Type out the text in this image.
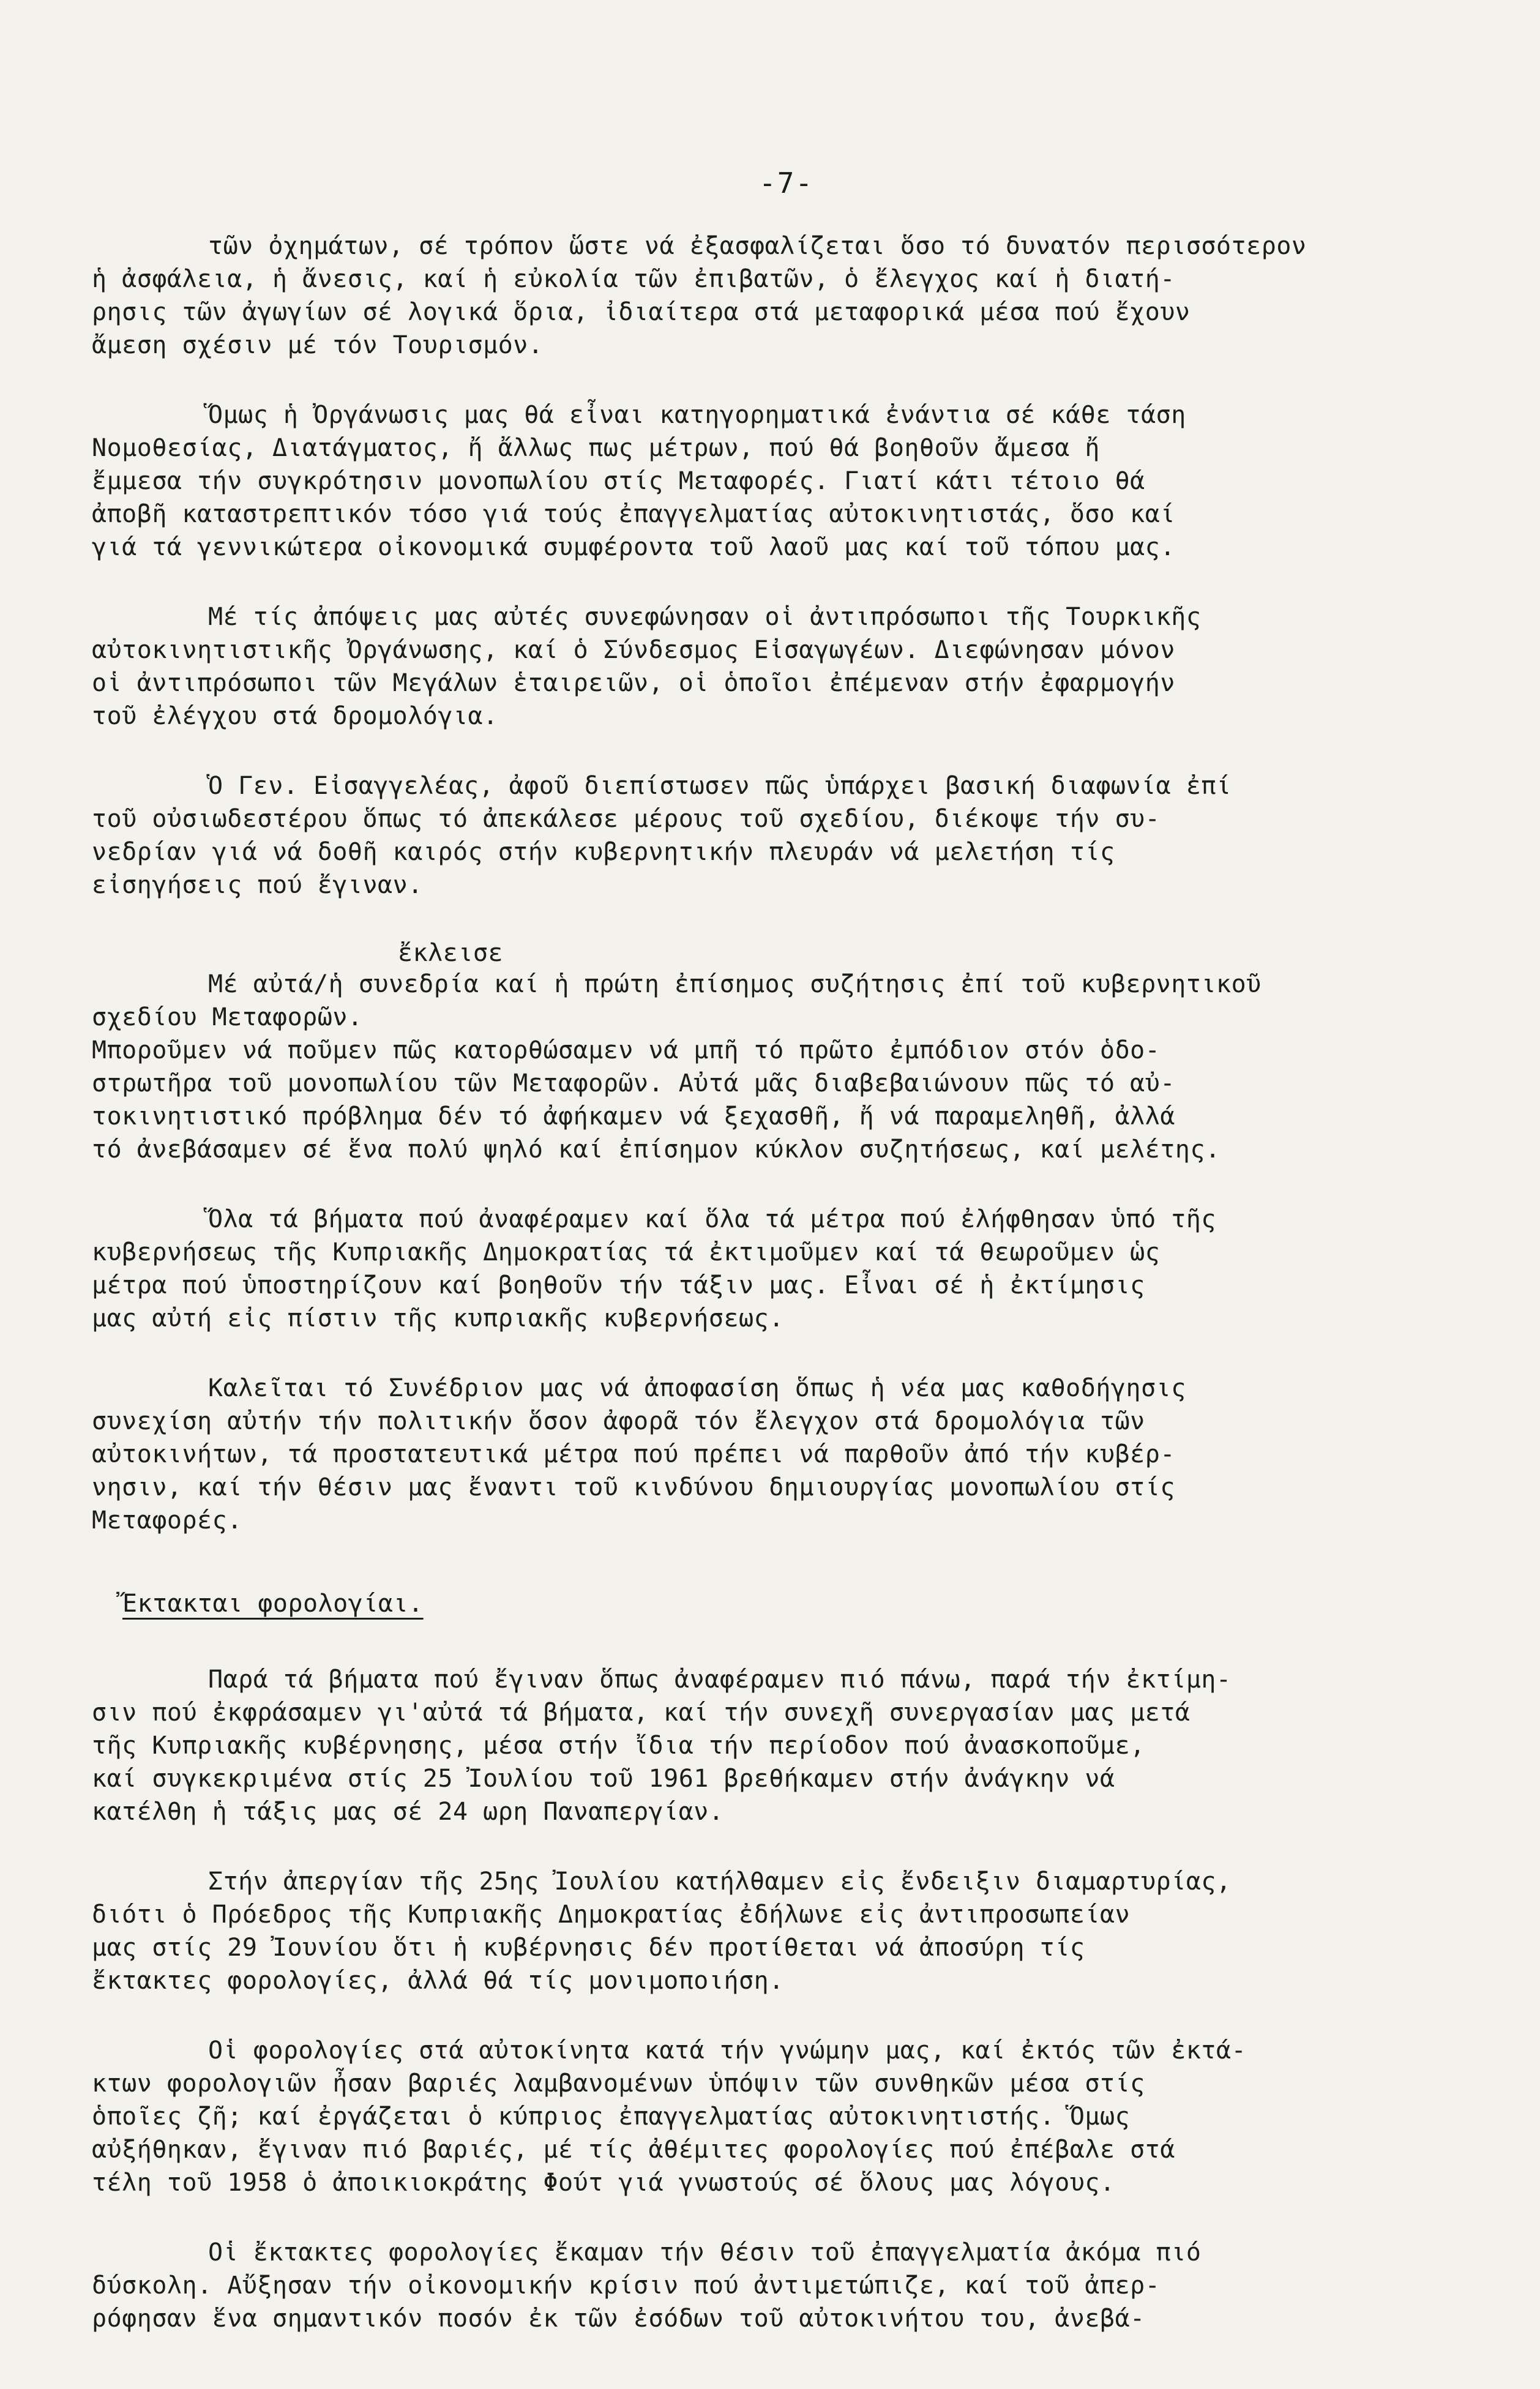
-7-
τῶν ὀχημάτων, σέ τρόπον ὥστε νά ἐξασφαλίζεται ὅσο τό δυνατόν περισσότερον
ἡ ἀσφάλεια, ἡ ἄνεσις, καί ἡ εὐκολία τῶν ἐπιβατῶν, ὁ ἔλεγχος καί ἡ διατή-
ρησις τῶν ἀγωγίων σέ λογικά ὅρια, ἰδιαίτερα στά μεταφορικά μέσα πού ἔχουν
ἄμεση σχέσιν μέ τόν Τουρισμόν.
Ὅμως ἡ Ὀργάνωσις μας θά εἶναι κατηγορηματικά ἐνάντια σέ κάθε τάση
Νομοθεσίας, Διατάγματος, ἤ ἄλλως πως μέτρων, πού θά βοηθοῦν ἄμεσα ἤ
ἔμμεσα τήν συγκρότησιν μονοπωλίου στίς Μεταφορές. Γιατί κάτι τέτοιο θά
ἀποβῆ καταστρεπτικόν τόσο γιά τούς ἐπαγγελματίας αὐτοκινητιστάς, ὅσο καί
γιά τά γεννικώτερα οἰκονομικά συμφέροντα τοῦ λαοῦ μας καί τοῦ τόπου μας.
Μέ τίς ἀπόψεις μας αὐτές συνεφώνησαν οἱ ἀντιπρόσωποι τῆς Τουρκικῆς
αὐτοκινητιστικῆς Ὀργάνωσης, καί ὁ Σύνδεσμος Εἰσαγωγέων. Διεφώνησαν μόνον
οἱ ἀντιπρόσωποι τῶν Μεγάλων ἑταιρειῶν, οἱ ὁποῖοι ἐπέμεναν στήν ἐφαρμογήν
τοῦ ἐλέγχου στά δρομολόγια.
Ὁ Γεν. Εἰσαγγελέας, ἀφοῦ διεπίστωσεν πῶς ὑπάρχει βασική διαφωνία ἐπί
τοῦ οὐσιωδεστέρου ὅπως τό ἀπεκάλεσε μέρους τοῦ σχεδίου, διέκοψε τήν συ-
νεδρίαν γιά νά δοθῆ καιρός στήν κυβερνητικήν πλευράν νά μελετήση τίς
εἰσηγήσεις πού ἔγιναν.
ἔκλεισε
Μέ αὐτά/ἡ συνεδρία καί ἡ πρώτη ἐπίσημος συζήτησις ἐπί τοῦ κυβερνητικοῦ
σχεδίου Μεταφορῶν.
Μποροῦμεν νά ποῦμεν πῶς κατορθώσαμεν νά μπῆ τό πρῶτο ἐμπόδιον στόν ὁδο-
στρωτῆρα τοῦ μονοπωλίου τῶν Μεταφορῶν. Αὐτά μᾶς διαβεβαιώνουν πῶς τό αὐ-
τοκινητιστικό πρόβλημα δέν τό ἀφήκαμεν νά ξεχασθῆ, ἤ νά παραμεληθῆ, ἀλλά
τό ἀνεβάσαμεν σέ ἕνα πολύ ψηλό καί ἐπίσημον κύκλον συζητήσεως, καί μελέτης.
Ὅλα τά βήματα πού ἀναφέραμεν καί ὅλα τά μέτρα πού ἐλήφθησαν ὑπό τῆς
κυβερνήσεως τῆς Κυπριακῆς Δημοκρατίας τά ἐκτιμοῦμεν καί τά θεωροῦμεν ὡς
μέτρα πού ὑποστηρίζουν καί βοηθοῦν τήν τάξιν μας. Εἶναι σέ ἡ ἐκτίμησις
μας αὐτή εἰς πίστιν τῆς κυπριακῆς κυβερνήσεως.
Καλεῖται τό Συνέδριον μας νά ἀποφασίση ὅπως ἡ νέα μας καθοδήγησις
συνεχίση αὐτήν τήν πολιτικήν ὅσον ἀφορᾶ τόν ἔλεγχον στά δρομολόγια τῶν
αὐτοκινήτων, τά προστατευτικά μέτρα πού πρέπει νά παρθοῦν ἀπό τήν κυβέρ-
νησιν, καί τήν θέσιν μας ἔναντι τοῦ κινδύνου δημιουργίας μονοπωλίου στίς
Μεταφορές.
Ἔκτακται φορολογίαι.
Παρά τά βήματα πού ἔγιναν ὅπως ἀναφέραμεν πιό πάνω, παρά τήν ἐκτίμη-
σιν πού ἐκφράσαμεν γι'αὐτά τά βήματα, καί τήν συνεχῆ συνεργασίαν μας μετά
τῆς Κυπριακῆς κυβέρνησης, μέσα στήν ἴδια τήν περίοδον πού ἀνασκοποῦμε,
καί συγκεκριμένα στίς 25 Ἰουλίου τοῦ 1961 βρεθήκαμεν στήν ἀνάγκην νά
κατέλθη ἡ τάξις μας σέ 24 ωρη Παναπεργίαν.
Στήν ἀπεργίαν τῆς 25ης Ἰουλίου κατήλθαμεν εἰς ἔνδειξιν διαμαρτυρίας,
διότι ὁ Πρόεδρος τῆς Κυπριακῆς Δημοκρατίας ἐδήλωνε εἰς ἀντιπροσωπείαν
μας στίς 29 Ἰουνίου ὅτι ἡ κυβέρνησις δέν προτίθεται νά ἀποσύρη τίς
ἔκτακτες φορολογίες, ἀλλά θά τίς μονιμοποιήση.
Οἱ φορολογίες στά αὐτοκίνητα κατά τήν γνώμην μας, καί ἐκτός τῶν ἐκτά-
κτων φορολογιῶν ἦσαν βαριές λαμβανομένων ὑπόψιν τῶν συνθηκῶν μέσα στίς
ὁποῖες ζῆ; καί ἐργάζεται ὁ κύπριος ἐπαγγελματίας αὐτοκινητιστής. Ὅμως
αὐξήθηκαν, ἔγιναν πιό βαριές, μέ τίς ἀθέμιτες φορολογίες πού ἐπέβαλε στά
τέλη τοῦ 1958 ὁ ἀποικιοκράτης Φούτ γιά γνωστούς σέ ὅλους μας λόγους.
Οἱ ἔκτακτες φορολογίες ἔκαμαν τήν θέσιν τοῦ ἐπαγγελματία ἀκόμα πιό
δύσκολη. Αὔξησαν τήν οἰκονομικήν κρίσιν πού ἀντιμετώπιζε, καί τοῦ ἀπερ-
ρόφησαν ἕνα σημαντικόν ποσόν ἐκ τῶν ἐσόδων τοῦ αὐτοκινήτου του, ἀνεβά-
